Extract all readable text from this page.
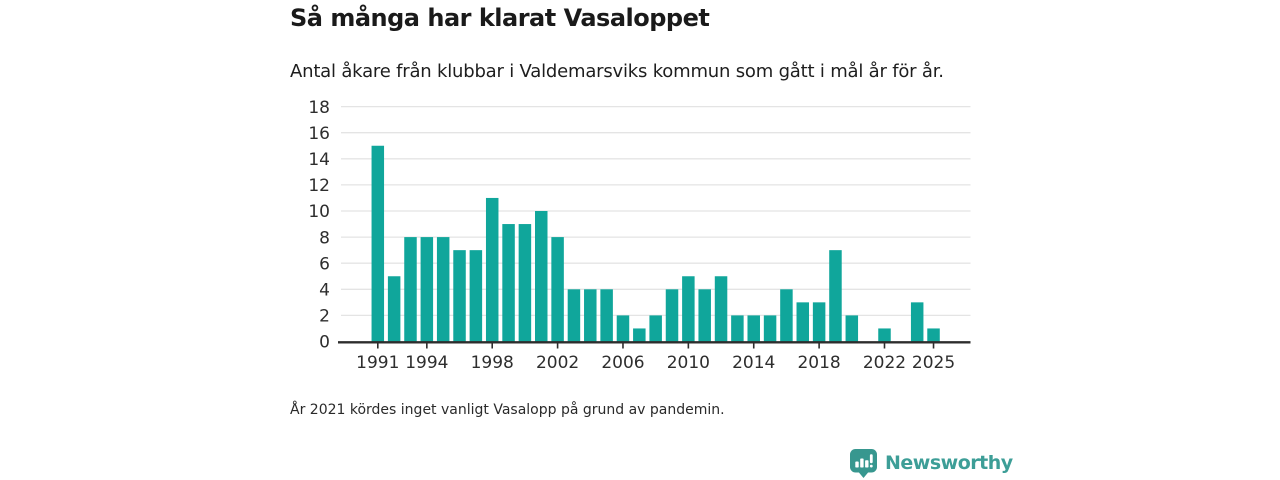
Så många har klarat Vasaloppet

Antal åkare från klubbar i Valdemarsviks kommun som gått i mål år för år.

0
2
4
6
8
10
12
14
16
18
1991 1994 1998 2002 2006 2010 2014 2018 2022 2025

År 2021 kördes inget vanligt Vasalopp på grund av pandemin.

Newsworthy
